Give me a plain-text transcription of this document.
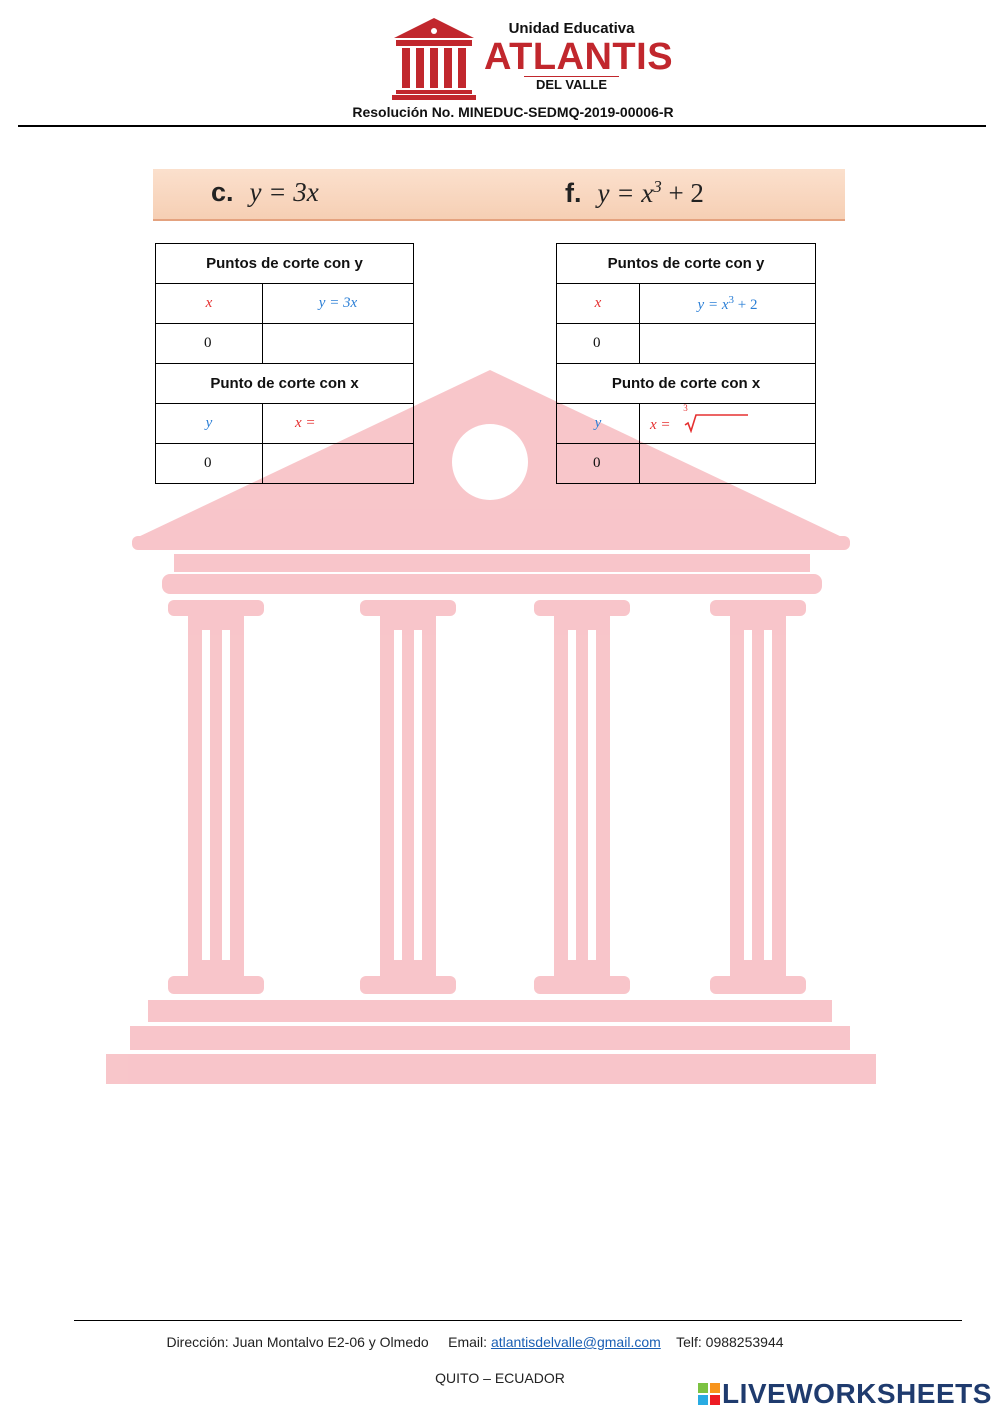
Unidad Educativa
ATLANTIS
DEL VALLE
Resolución No. MINEDUC-SEDMQ-2019-00006-R
c. y = 3x	f. $y = x^3 + 2$
Puntos de corte con y	
x	y = 3x
0	
Punto de corte con x	
y	x =
0	
Puntos de corte con y	
x	$y = x^3 + 2$
0	
Punto de corte con x	
y	x =
3

0	
Dirección: Juan Montalvo E2-06 y Olmedo Email: atlantisdelvalle@gmail.com Telf: 0988253944
QUITO – ECUADOR	LIVEWORKSHEETS
